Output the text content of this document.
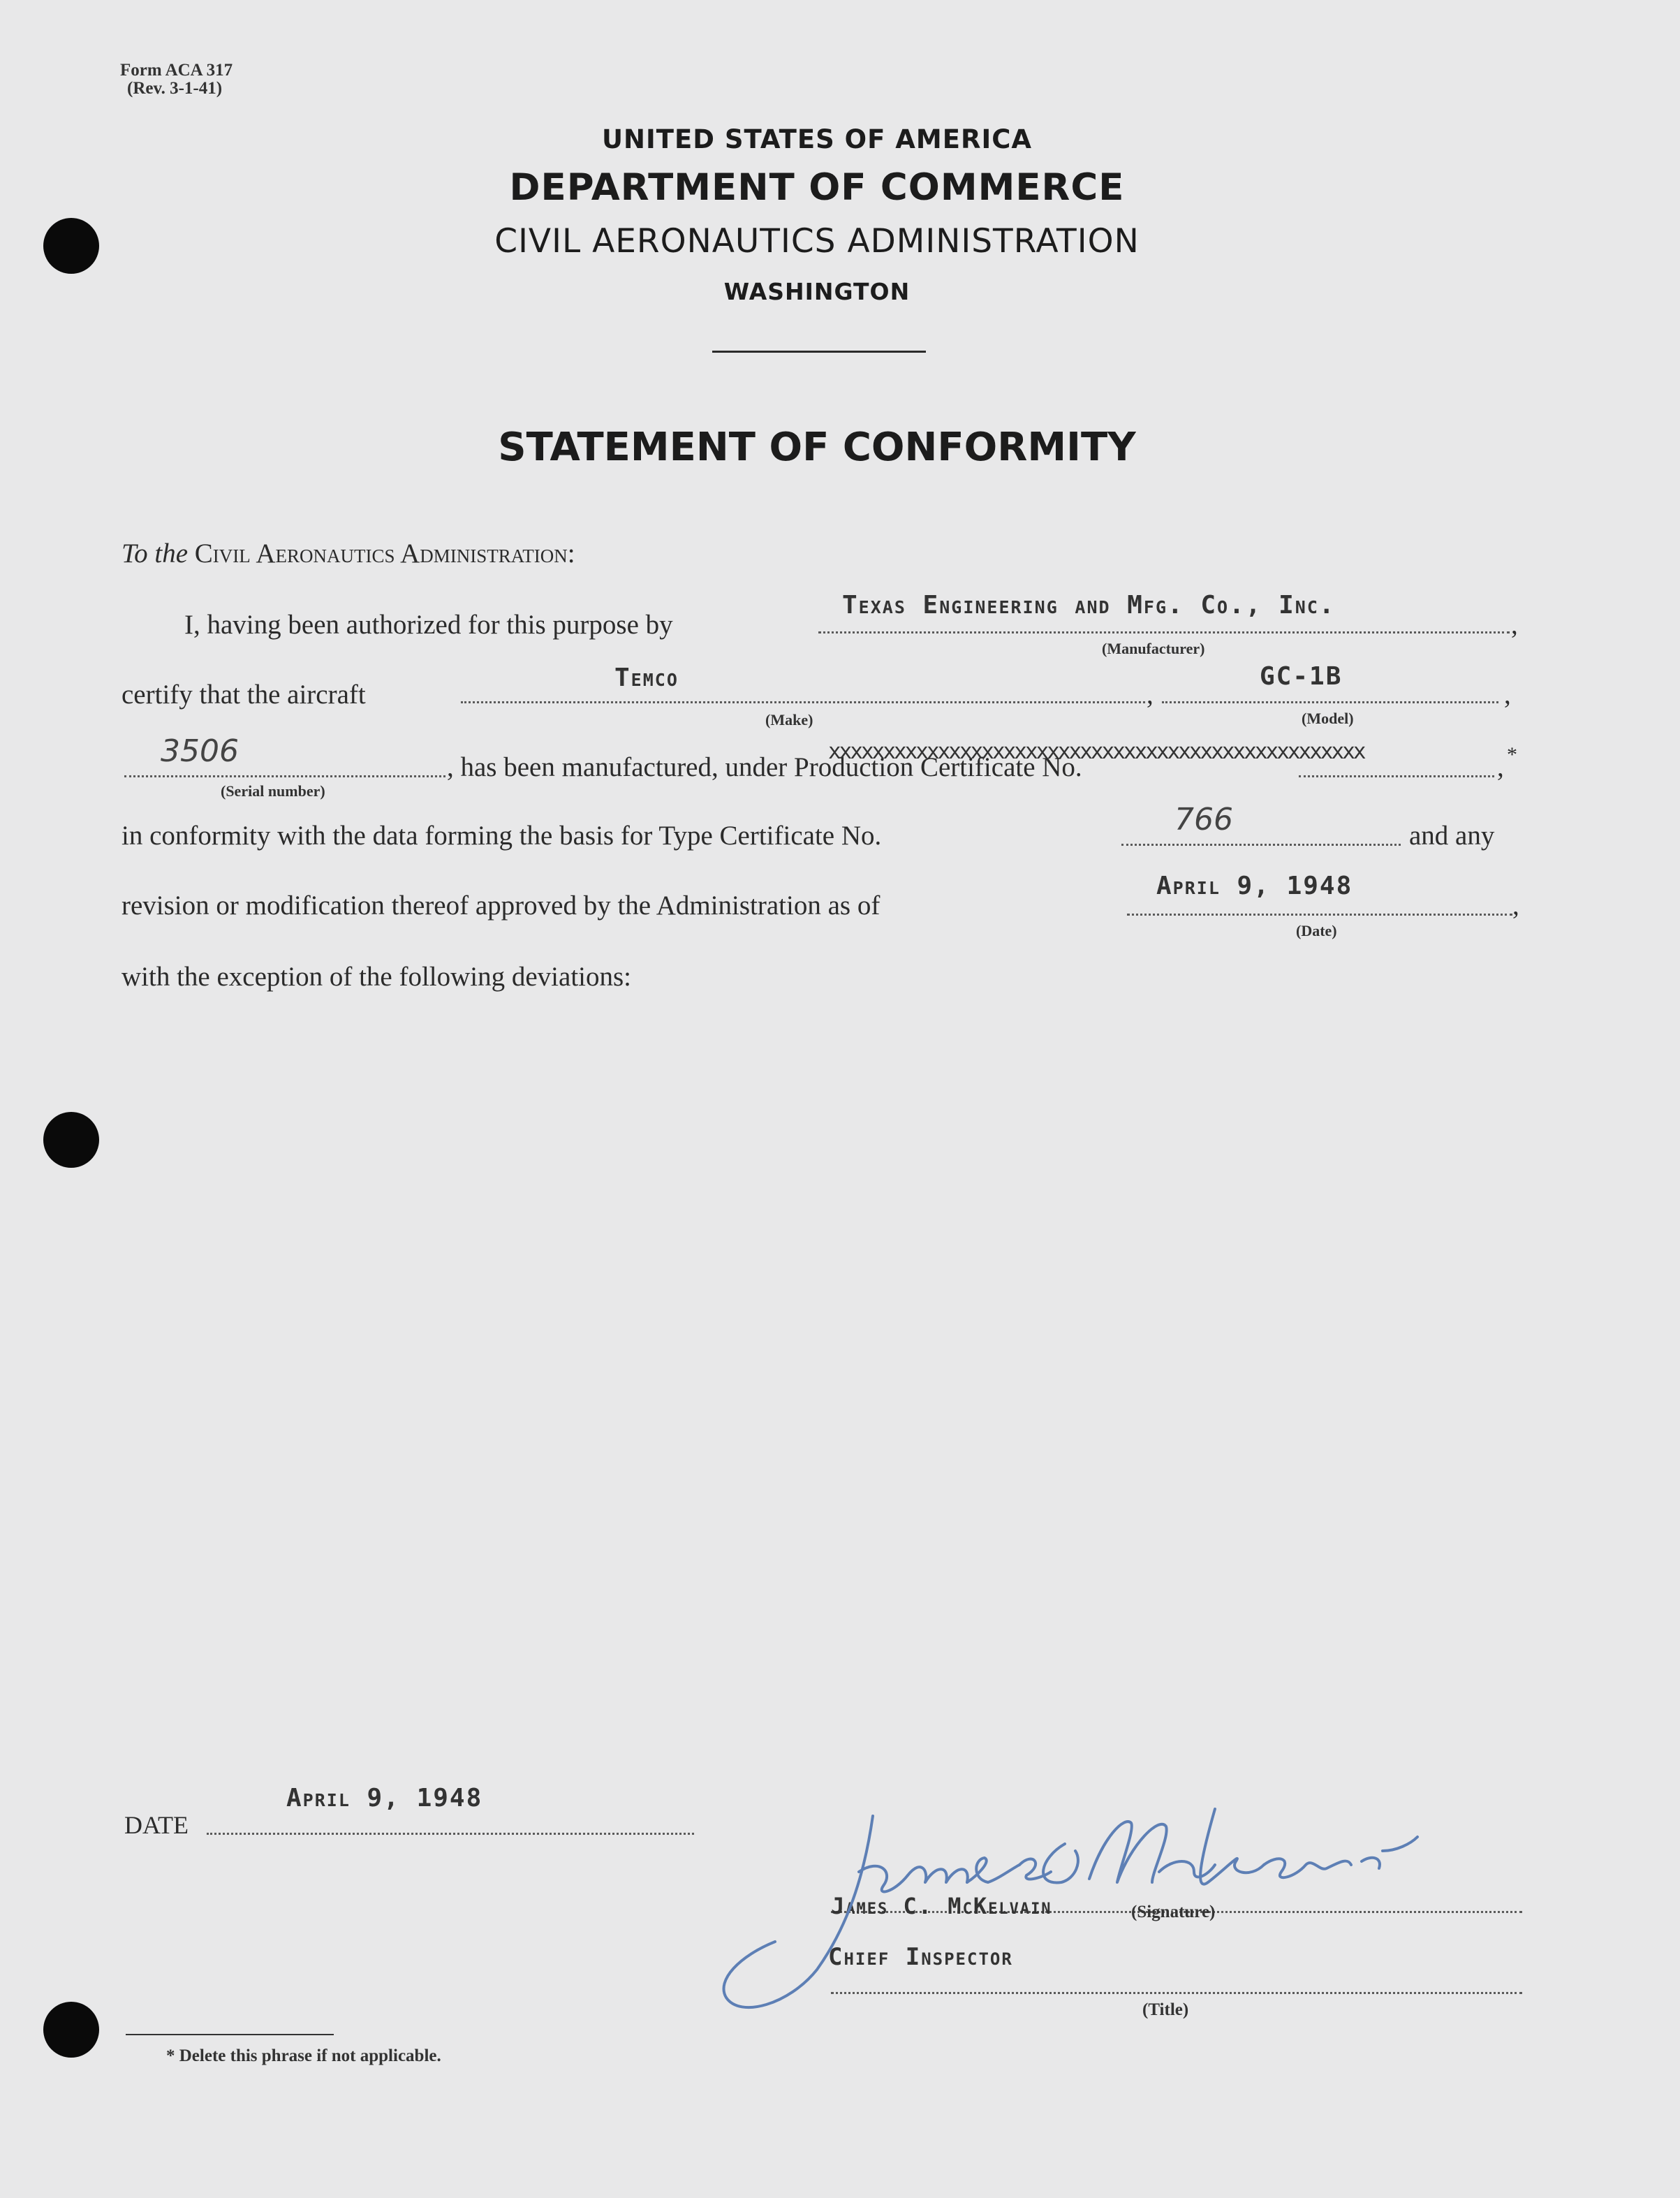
Form ACA 317
(Rev. 3-1-41)
UNITED STATES OF AMERICA
DEPARTMENT OF COMMERCE
CIVIL AERONAUTICS ADMINISTRATION
WASHINGTON
STATEMENT OF CONFORMITY
To the Civil Aeronautics Administration:
I, having been authorized for this purpose by	,
Texas Engineering and Mfg. Co., Inc.
(Manufacturer)
certify that the aircraft	,	,
Temco	GC-1B
(Make)	(Model)
3506	, has been manufactured, under Production Certificate No.	, *
xxxxxxxxxxxxxxxxxxxxxxxxxxxxxxxxxxxxxxxxxxxxxxxxx
(Serial number)
in conformity with the data forming the basis for Type Certificate No.	766	and any
revision or modification thereof approved by the Administration as of	,
April 9, 1948
(Date)
with the exception of the following deviations:
DATE
April 9, 1948
James C. McKelvain	(Signature)
Chief Inspector
(Title)
* Delete this phrase if not applicable.
